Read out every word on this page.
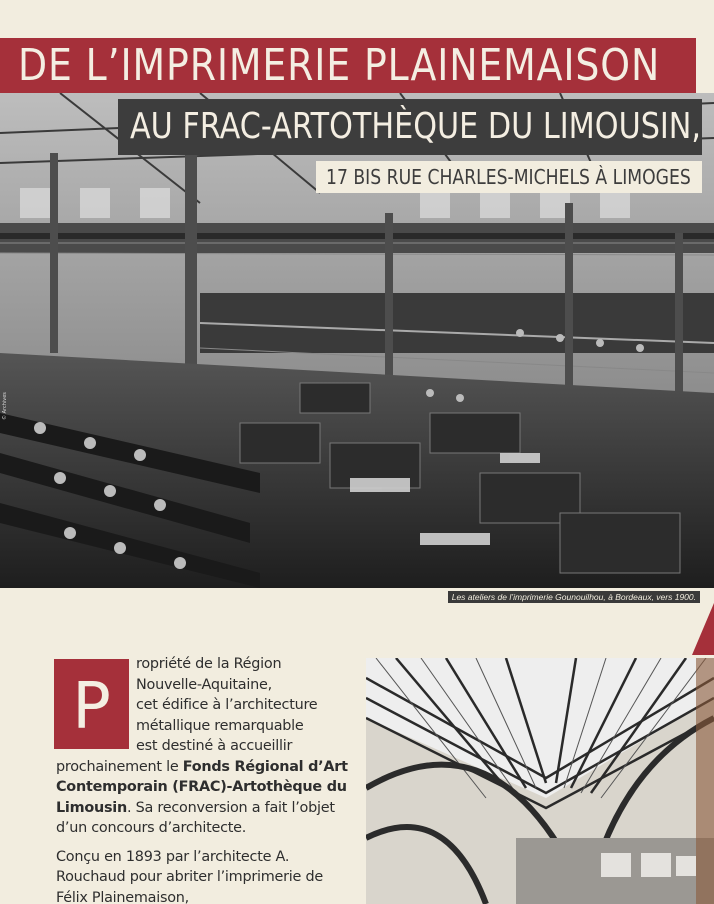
© Archives
Les ateliers de l’imprimerie Gounouilhou, à Bordeaux, vers 1900.
DE L’IMPRIMERIE PLAINEMAISON
AU FRAC-ARTOTHÈQUE DU LIMOUSIN,
17 BIS RUE CHARLES-MICHELS À LIMOGES
P

ropriété de la Région
Nouvelle-Aquitaine,
cet édifice à l’architecture
métallique remarquable
est destiné à accueillir
prochainement le Fonds Régional d’Art Contemporain (FRAC)-Artothèque du Limousin. Sa reconversion a fait l’objet d’un concours d’architecte.

Conçu en 1893 par l’architecte A. Rouchaud pour abriter l’imprimerie de Félix Plainemaison,
